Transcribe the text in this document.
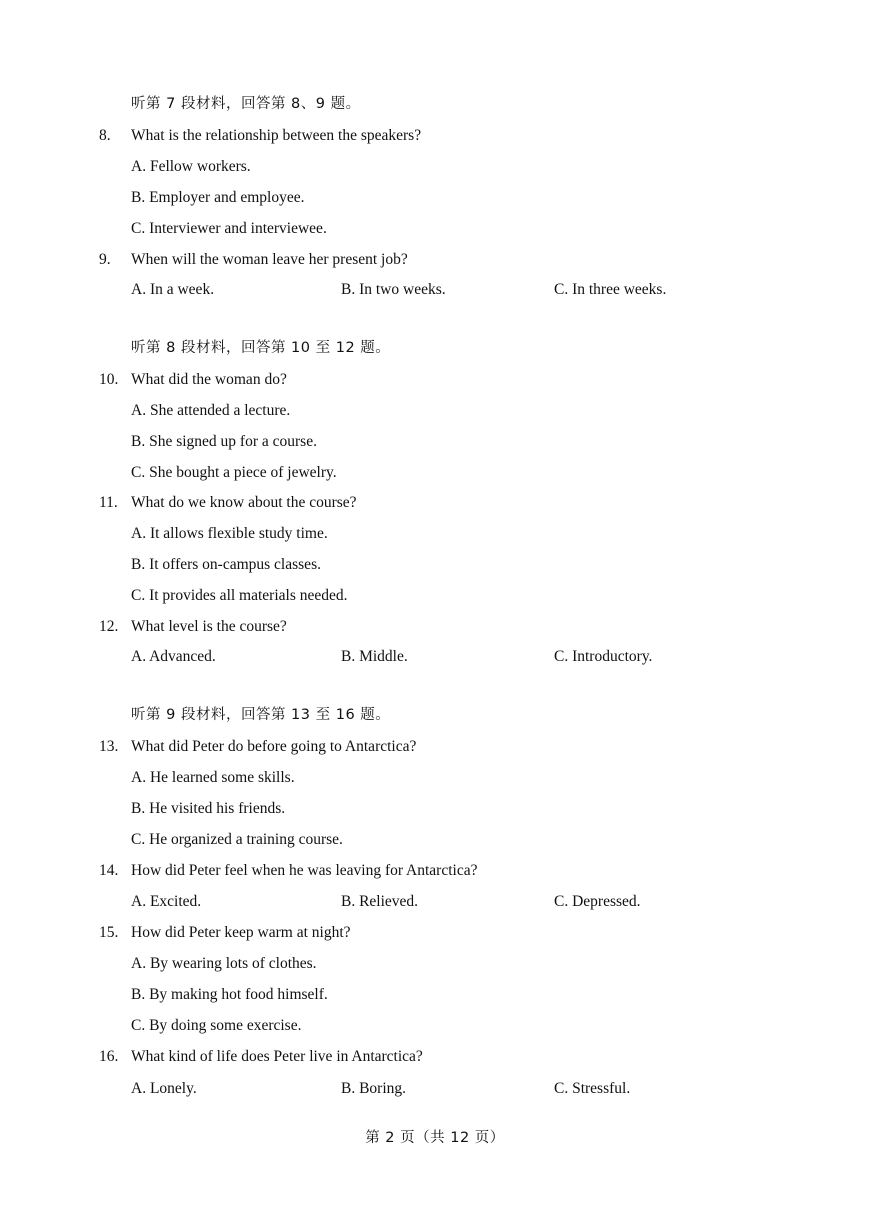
听第 7 段材料，回答第 8、9 题。
8. What is the relationship between the speakers?
A. Fellow workers.
B. Employer and employee.
C. Interviewer and interviewee.
9. When will the woman leave her present job?
A. In a week.	B. In two weeks.	C. In three weeks.
听第 8 段材料，回答第 10 至 12 题。
10. What did the woman do?
A. She attended a lecture.
B. She signed up for a course.
C. She bought a piece of jewelry.
11. What do we know about the course?
A. It allows flexible study time.
B. It offers on-campus classes.
C. It provides all materials needed.
12. What level is the course?
A. Advanced.	B. Middle.	C. Introductory.
听第 9 段材料，回答第 13 至 16 题。
13. What did Peter do before going to Antarctica?
A. He learned some skills.
B. He visited his friends.
C. He organized a training course.
14. How did Peter feel when he was leaving for Antarctica?
A. Excited.	B. Relieved.	C. Depressed.
15. How did Peter keep warm at night?
A. By wearing lots of clothes.
B. By making hot food himself.
C. By doing some exercise.
16. What kind of life does Peter live in Antarctica?
A. Lonely.	B. Boring.	C. Stressful.
第 2 页（共 12 页）
